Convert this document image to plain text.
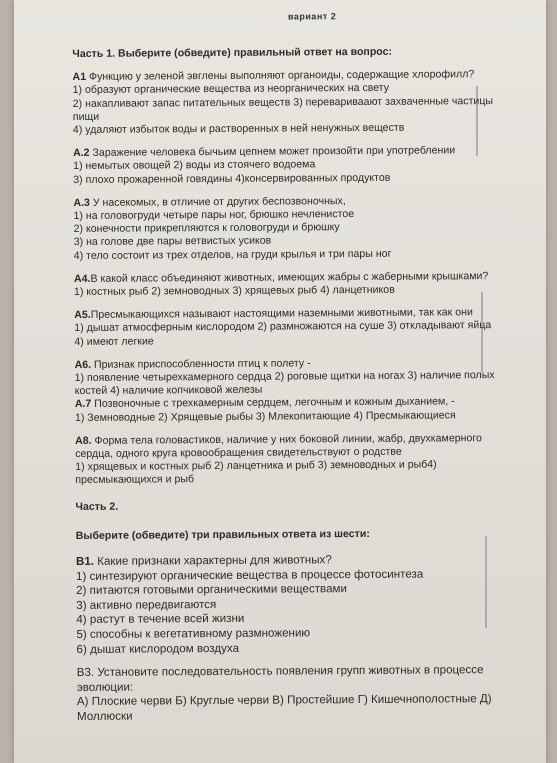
вариант 2
Часть 1. Выберите (обведите) правильный ответ на вопрос:
А1 Функцию у зеленой эвглены выполняют органоиды, содержащие хлорофилл?
1) образуют органические вещества из неорганических на свету
2) накапливают запас питательных веществ 3) перевариваают захваченные частицы
пищи
4) удаляют избыток воды и растворенных в ней ненужных веществ
А.2 Заражение человека бычьим цепнем может произойти при употреблении
1) немытых овощей 2) воды из стоячего водоема
3) плохо прожаренной говядины 4)консервированных продуктов
А.3 У насекомых, в отличие от других беспозвоночных,
1) на головогруди четыре пары ног, брюшко нечленистое
2) конечности прикрепляются к головогруди и брюшку
3) на голове две пары ветвистых усиков
4) тело состоит из трех отделов, на груди крылья и три пары ног
А4.В какой класс объединяют животных, имеющих жабры с жаберными крышками?
1) костных рыб 2) земноводных 3) хрящевых рыб 4) ланцетников
А5.Пресмыкающихся называют настоящими наземными животными, так как они
1) дышат атмосферным кислородом 2) размножаются на суше 3) откладывают яйца
4) имеют легкие
А6. Признак приспособленности птиц к полету -
1) появление четырехкамерного сердца 2) роговые щитки на ногах 3) наличие полых
костей 4) наличие копчиковой железы
А.7 Позвоночные с трехкамерным сердцем, легочным и кожным дыханием, -
1) Земноводные 2) Хрящевые рыбы 3) Млекопитающие 4) Пресмыкающиеся
А8. Форма тела головастиков, наличие у них боковой линии, жабр, двухкамерного
сердца, одного круга кровообращения свидетельствуют о родстве
1) хрящевых и костных рыб 2) ланцетника и рыб 3) земноводных и рыб4)
пресмыкающихся и рыб
Часть 2.
Выберите (обведите) три правильных ответа из шести:
В1. Какие признаки характерны для животных?
1) синтезируют органические вещества в процессе фотосинтеза
2) питаются готовыми органическими веществами
3) активно передвигаются
4) растут в течение всей жизни
5) способны к вегетативному размножению
6) дышат кислородом воздуха
В3. Установите последовательность появления групп животных в процессе
эволюции:
А) Плоские черви Б) Круглые черви В) Простейшие Г) Кишечнополостные Д)
Моллюски
